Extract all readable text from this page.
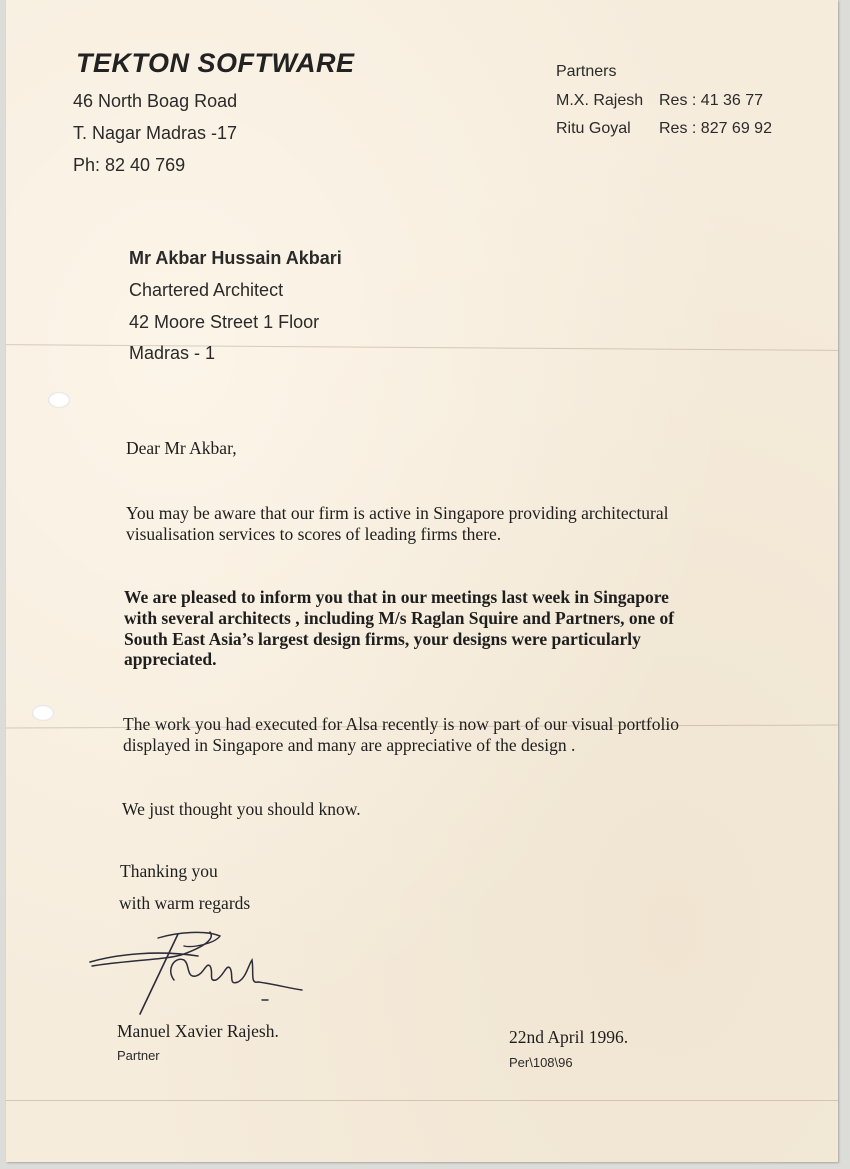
TEKTON SOFTWARE
46 North Boag Road
T. Nagar Madras -17
Ph: 82 40 769
Partners
M.X. Rajesh Res : 41 36 77
Ritu Goyal Res : 827 69 92
Mr Akbar Hussain Akbari
Chartered Architect
42 Moore Street 1 Floor
Madras - 1
Dear Mr Akbar,
You may be aware that our firm is active in Singapore providing architectural
visualisation services to scores of leading firms there.
We are pleased to inform you that in our meetings last week in Singapore
with several architects , including M/s Raglan Squire and Partners, one of
South East Asia’s largest design firms, your designs were particularly
appreciated.
The work you had executed for Alsa recently is now part of our visual portfolio
displayed in Singapore and many are appreciative of the design .
We just thought you should know.
Thanking you
with warm regards
Manuel Xavier Rajesh.
Partner
22nd April 1996.
Per\108\96
